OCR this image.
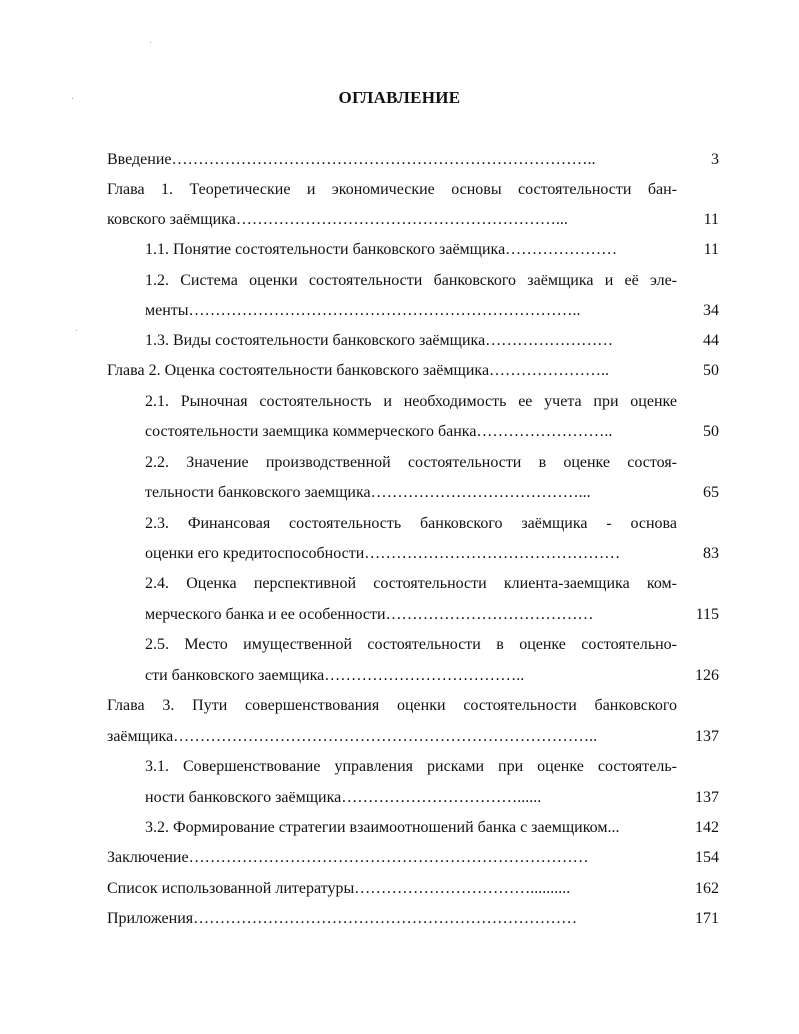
ОГЛАВЛЕНИЕ
Введение……………………………………………………………………..	3
Глава 1. Теоретические и экономические основы состоятельности бан-
ковского заёмщика……………………………………………………...	11
1.1. Понятие состоятельности банковского заёмщика…………………	11
1.2. Система оценки состоятельности банковского заёмщика и её эле-
менты………………………………………………………………..	34
1.3. Виды состоятельности банковского заёмщика……………………	44
Глава 2. Оценка состоятельности банковского заёмщика…………………..	50
2.1. Рыночная состоятельность и необходимость ее учета при оценке
состоятельности заемщика коммерческого банка……………………..	50
2.2. Значение производственной состоятельности в оценке состоя-
тельности банковского заемщика…………………………………...	65
2.3. Финансовая состоятельность банковского заёмщика - основа
оценки его кредитоспособности…………………………………………	83
2.4. Оценка перспективной состоятельности клиента-заемщика ком-
мерческого банка и ее особенности…………………………………	115
2.5. Место имущественной состоятельности в оценке состоятельно-
сти банковского заемщика………………………………..	126
Глава 3. Пути совершенствования оценки состоятельности банковского
заёмщика……………………………………………………………………..	137
3.1. Совершенствование управления рисками при оценке состоятель-
ности банковского заёмщика……………………………......	137
3.2. Формирование стратегии взаимоотношений банка с заемщиком...	142
Заключение…………………………………………………………………	154
Список использованной литературы……………………………..........	162
Приложения………………………………………………………………	171
